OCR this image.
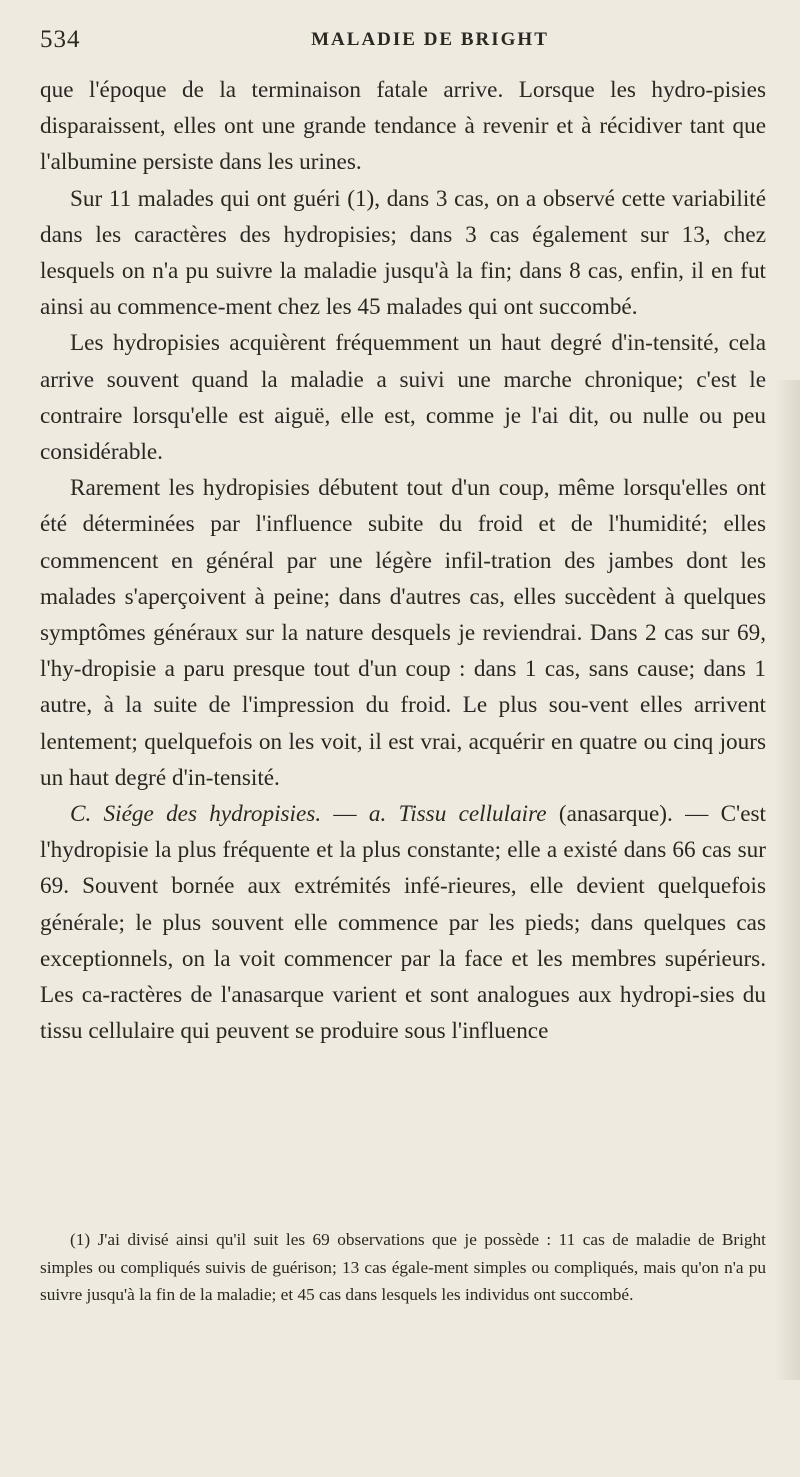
534	MALADIE DE BRIGHT

que l'époque de la terminaison fatale arrive. Lorsque les hydro-pisies disparaissent, elles ont une grande tendance à revenir et à récidiver tant que l'albumine persiste dans les urines.

Sur 11 malades qui ont guéri (1), dans 3 cas, on a observé cette variabilité dans les caractères des hydropisies; dans 3 cas également sur 13, chez lesquels on n'a pu suivre la maladie jusqu'à la fin; dans 8 cas, enfin, il en fut ainsi au commence-ment chez les 45 malades qui ont succombé.

Les hydropisies acquièrent fréquemment un haut degré d'in-tensité, cela arrive souvent quand la maladie a suivi une marche chronique; c'est le contraire lorsqu'elle est aiguë, elle est, comme je l'ai dit, ou nulle ou peu considérable.

Rarement les hydropisies débutent tout d'un coup, même lorsqu'elles ont été déterminées par l'influence subite du froid et de l'humidité; elles commencent en général par une légère infil-tration des jambes dont les malades s'aperçoivent à peine; dans d'autres cas, elles succèdent à quelques symptômes généraux sur la nature desquels je reviendrai. Dans 2 cas sur 69, l'hy-dropisie a paru presque tout d'un coup : dans 1 cas, sans cause; dans 1 autre, à la suite de l'impression du froid. Le plus sou-vent elles arrivent lentement; quelquefois on les voit, il est vrai, acquérir en quatre ou cinq jours un haut degré d'in-tensité.

C. Siége des hydropisies. — a. Tissu cellulaire (anasarque). — C'est l'hydropisie la plus fréquente et la plus constante; elle a existé dans 66 cas sur 69. Souvent bornée aux extrémités infé-rieures, elle devient quelquefois générale; le plus souvent elle commence par les pieds; dans quelques cas exceptionnels, on la voit commencer par la face et les membres supérieurs. Les ca-ractères de l'anasarque varient et sont analogues aux hydropi-sies du tissu cellulaire qui peuvent se produire sous l'influence

(1) J'ai divisé ainsi qu'il suit les 69 observations que je possède : 11 cas de maladie de Bright simples ou compliqués suivis de guérison; 13 cas égale-ment simples ou compliqués, mais qu'on n'a pu suivre jusqu'à la fin de la maladie; et 45 cas dans lesquels les individus ont succombé.
